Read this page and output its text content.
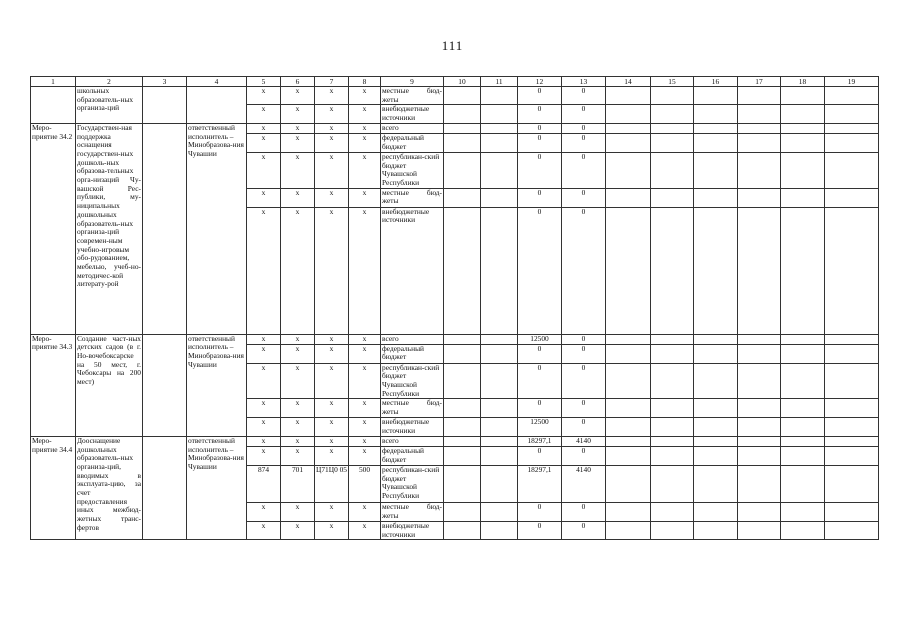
111
1	2	3	4	5	6	7	8	9	10	11	12	13	14	15	16	17	18	19
	школьных образователь-ных организа-ций			х	х	х	х	местные бюд-жеты			0	0						
				х	х	х	х	внебюджетные источники			0	0						
Меро-приятие 34.2	Государствен-ная поддержка оснащения государствен-ных дошколь-ных образова-тельных орга-низаций Чу-вашской Рес-публики, му-ниципальных дошкольных образователь-ных организа-ций современ-ным учебно-игровым обо-рудованием, мебелью, учеб-но-методичес-кой литерату-рой		ответственный исполнитель – Минобразова-ния Чувашии	х	х	х	х	всего			0	0						
				х	х	х	х	федеральный бюджет			0	0						
				х	х	х	х	республикан-ский бюджет Чувашской Республики			0	0						
				х	х	х	х	местные бюд-жеты			0	0						
				х	х	х	х	внебюджетные источники			0	0						
Меро-приятие 34.3	Создание част-ных детских садов (в г. Но-вочебоксарске на 50 мест, г. Чебоксары на 200 мест)		ответственный исполнитель – Минобразова-ния Чувашии	х	х	х	х	всего			12500	0						
				х	х	х	х	федеральный бюджет			0	0						
				х	х	х	х	республикан-ский бюджет Чувашской Республики			0	0						
				х	х	х	х	местные бюд-жеты			0	0						
				х	х	х	х	внебюджетные источники			12500	0						
Меро-приятие 34.4	Дооснащение дошкольных образователь-ных организа-ций, вводимых в эксплуата-цию, за счет предоставления иных межбюд-жетных транс-фертов		ответственный исполнитель – Минобразова-ния Чувашии	х	х	х	х	всего			18297,1	4140						
				х	х	х	х	федеральный бюджет			0	0						
				874	701	Ц71Ц0 05	500	республикан-ский бюджет Чувашской Республики			18297,1	4140						
				х	х	х	х	местные бюд-жеты			0	0						
				х	х	х	х	внебюджетные источники			0	0						
